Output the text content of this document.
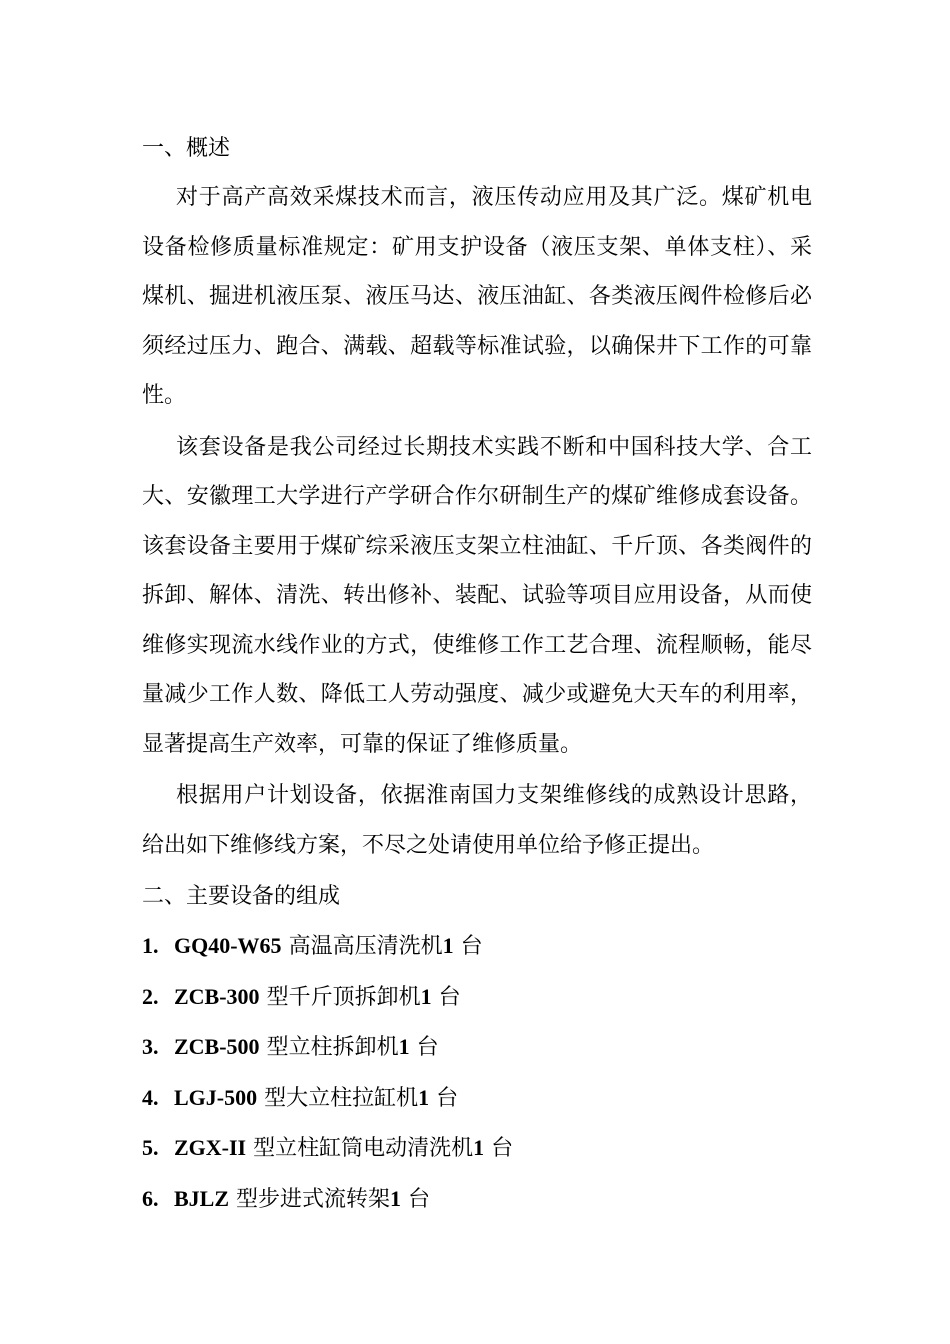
一、概述

对于高产高效采煤技术而言，液压传动应用及其广泛。煤矿机电设备检修质量标准规定：矿用支护设备（液压支架、单体支柱）、采煤机、掘进机液压泵、液压马达、液压油缸、各类液压阀件检修后必须经过压力、跑合、满载、超载等标准试验，以确保井下工作的可靠性。

该套设备是我公司经过长期技术实践不断和中国科技大学、合工大、安徽理工大学进行产学研合作尔研制生产的煤矿维修成套设备。该套设备主要用于煤矿综采液压支架立柱油缸、千斤顶、各类阀件的拆卸、解体、清洗、转出修补、装配、试验等项目应用设备，从而使维修实现流水线作业的方式，使维修工作工艺合理、流程顺畅，能尽量减少工作人数、降低工人劳动强度、减少或避免大天车的利用率，显著提高生产效率，可靠的保证了维修质量。

根据用户计划设备，依据淮南国力支架维修线的成熟设计思路，给出如下维修线方案，不尽之处请使用单位给予修正提出。

二、主要设备的组成

1. GQ40-W65 高温高压清洗机1 台
2. ZCB-300 型千斤顶拆卸机1 台
3. ZCB-500 型立柱拆卸机1 台
4. LGJ-500 型大立柱拉缸机1 台
5. ZGX-II 型立柱缸筒电动清洗机1 台
6. BJLZ 型步进式流转架1 台
